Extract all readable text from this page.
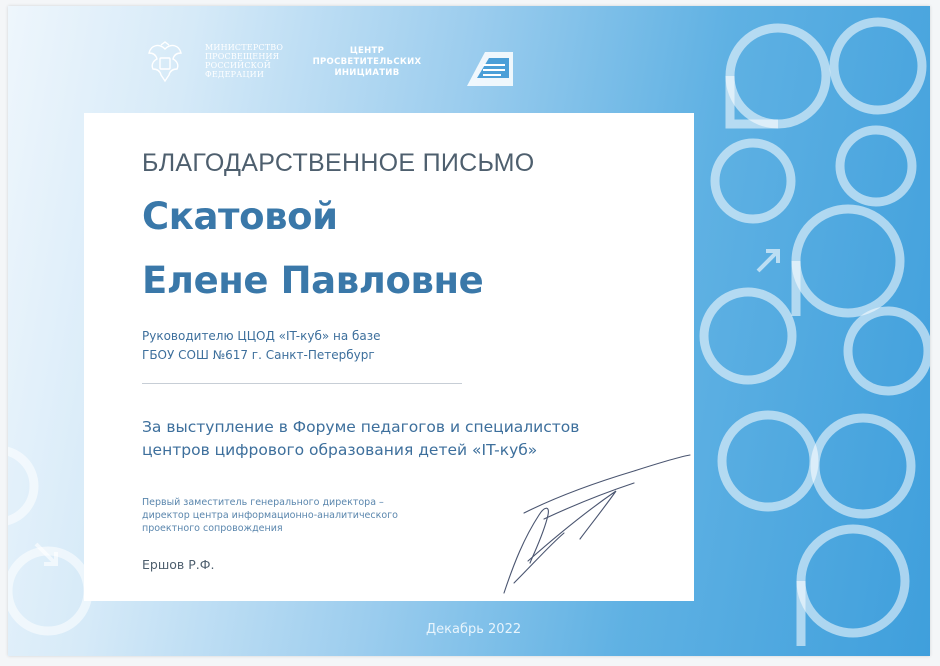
МИНИСТЕРСТВО
ПРОСВЕЩЕНИЯ
РОССИЙСКОЙ
ФЕДЕРАЦИИ
ЦЕНТР
ПРОСВЕТИТЕЛЬСКИХ
ИНИЦИАТИВ
БЛАГОДАРСТВЕННОЕ ПИСЬМО
Скатовой
Елене Павловне
Руководителю ЦЦОД «IT-куб» на базе
ГБОУ СОШ №617 г. Санкт-Петербург
За выступление в Форуме педагогов и специалистов
центров цифрового образования детей «IT-куб»
Первый заместитель генерального директора –
директор центра информационно-аналитического
проектного сопровождения
Ершов Р.Ф.
Декабрь 2022
